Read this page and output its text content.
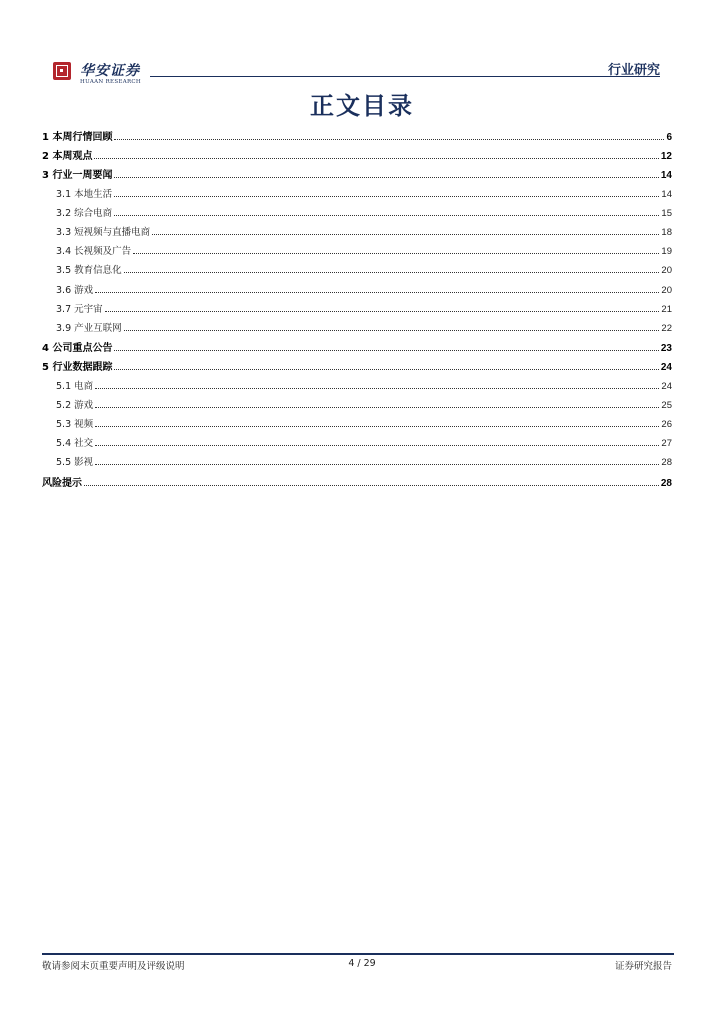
华安证券
HUAAN RESEARCH
行业研究
正文目录
1 本周行情回顾	6
2 本周观点	12
3 行业一周要闻	14
3.1 本地生活	14
3.2 综合电商	15
3.3 短视频与直播电商	18
3.4 长视频及广告	19
3.5 教育信息化	20
3.6 游戏	20
3.7 元宇宙	21
3.9 产业互联网	22
4 公司重点公告	23
5 行业数据跟踪	24
5.1 电商	24
5.2 游戏	25
5.3 视频	26
5.4 社交	27
5.5 影视	28
风险提示	28
敬请参阅末页重要声明及评级说明	4 / 29	证券研究报告
